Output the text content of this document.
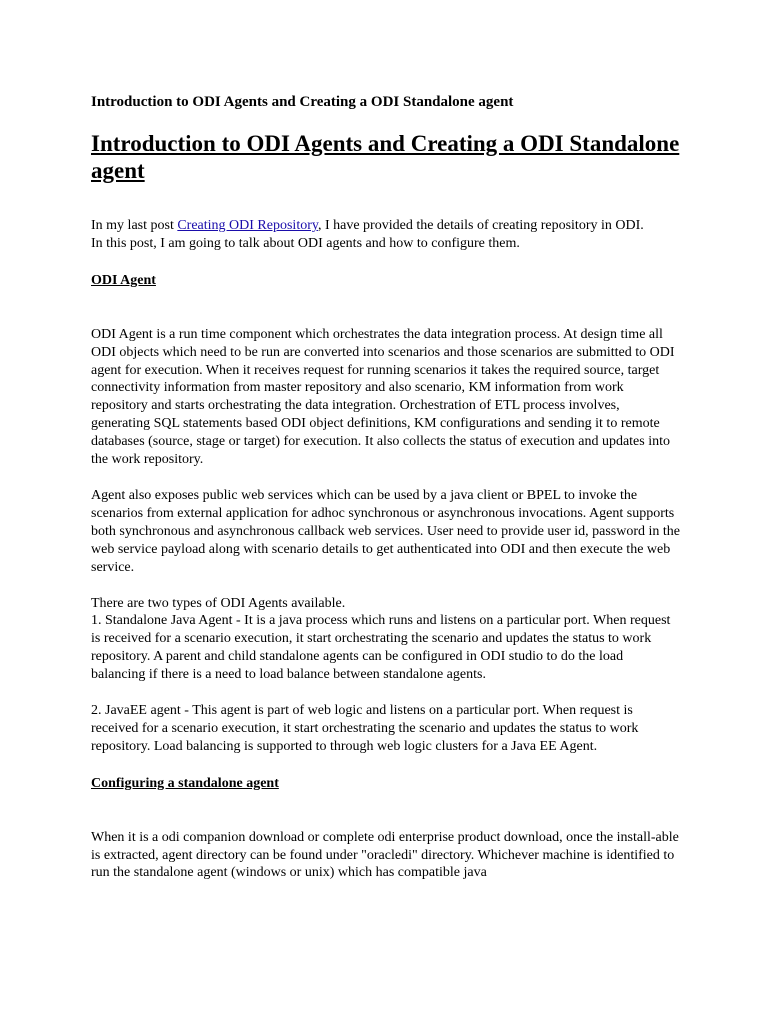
Introduction to ODI Agents and Creating a ODI Standalone agent
Introduction to ODI Agents and Creating a ODI Standalone agent

In my last post Creating ODI Repository, I have provided the details of creating repository in ODI.

In this post, I am going to talk about ODI agents and how to configure them.

ODI Agent

ODI Agent is a run time component which orchestrates the data integration process. At design time all ODI objects which need to be run are converted into scenarios and those scenarios are submitted to ODI agent for execution. When it receives request for running scenarios it takes the required source, target connectivity information from master repository and also scenario, KM information from work repository and starts orchestrating the data integration. Orchestration of ETL process involves, generating SQL statements based ODI object definitions, KM configurations and sending it to remote databases (source, stage or target) for execution. It also collects the status of execution and updates into the work repository.

Agent also exposes public web services which can be used by a java client or BPEL to invoke the scenarios from external application for adhoc synchronous or asynchronous invocations. Agent supports both synchronous and asynchronous callback web services. User need to provide user id, password in the web service payload along with scenario details to get authenticated into ODI and then execute the web service.

There are two types of ODI Agents available.

1. Standalone Java Agent - It is a java process which runs and listens on a particular port. When request is received for a scenario execution, it start orchestrating the scenario and updates the status to work repository. A parent and child standalone agents can be configured in ODI studio to do the load balancing if there is a need to load balance between standalone agents.

2. JavaEE agent - This agent is part of web logic and listens on a particular port. When request is received for a scenario execution, it start orchestrating the scenario and updates the status to work repository. Load balancing is supported to through web logic clusters for a Java EE Agent.

Configuring a standalone agent

When it is a odi companion download or complete odi enterprise product download, once the install-able is extracted, agent directory can be found under "oracledi" directory. Whichever machine is identified to run the standalone agent (windows or unix) which has compatible java
